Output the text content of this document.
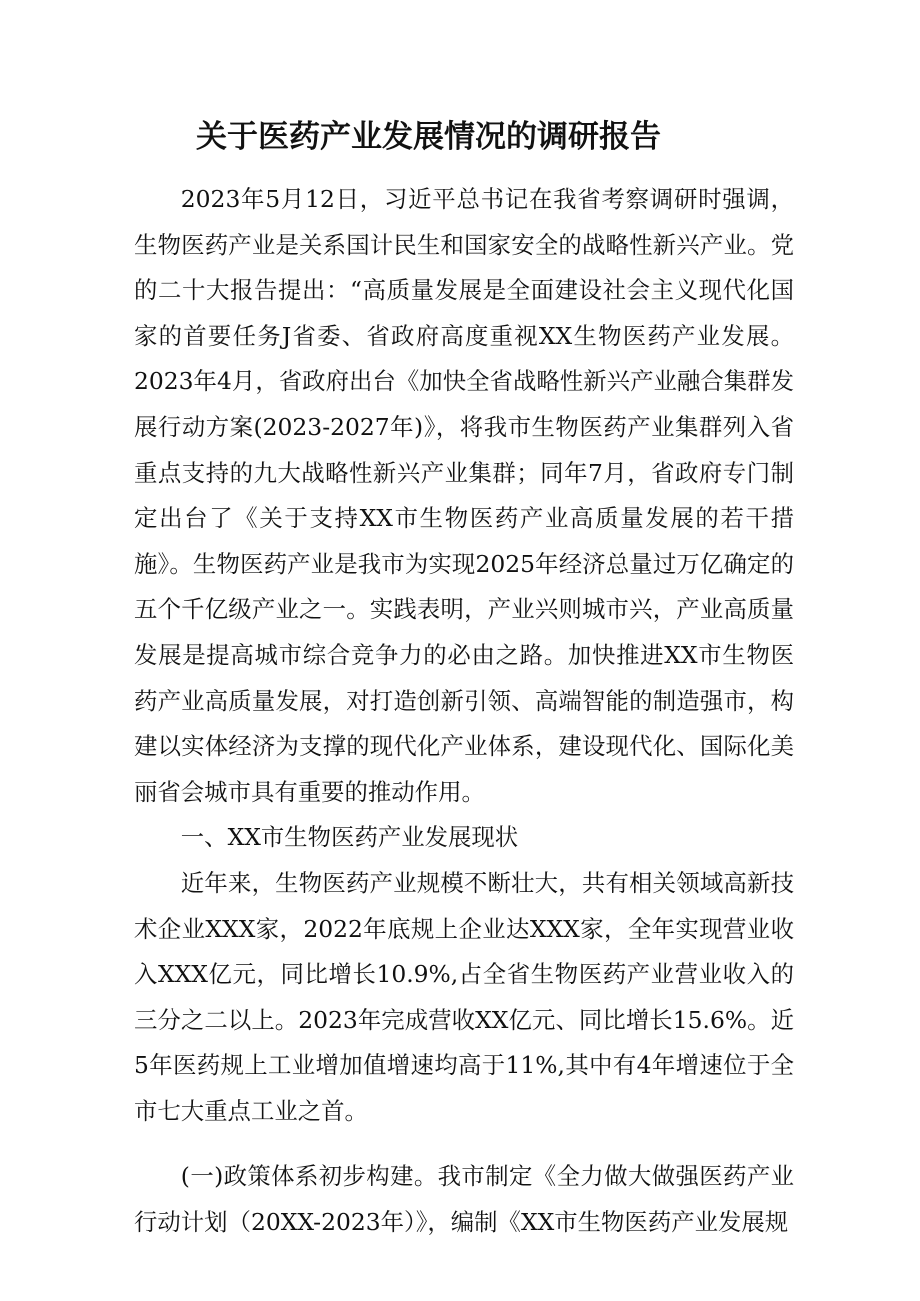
关于医药产业发展情况的调研报告

2023年5月12日，习近平总书记在我省考察调研时强调，生物医药产业是关系国计民生和国家安全的战略性新兴产业。党的二十大报告提出：“高质量发展是全面建设社会主义现代化国家的首要任务J省委、省政府高度重视XX生物医药产业发展。2023年4月，省政府出台《加快全省战略性新兴产业融合集群发展行动方案(2023-2027年)》，将我市生物医药产业集群列入省重点支持的九大战略性新兴产业集群；同年7月，省政府专门制定出台了《关于支持XX市生物医药产业高质量发展的若干措施》。生物医药产业是我市为实现2025年经济总量过万亿确定的五个千亿级产业之一。实践表明，产业兴则城市兴，产业高质量发展是提高城市综合竞争力的必由之路。加快推进XX市生物医药产业高质量发展，对打造创新引领、高端智能的制造强市，构建以实体经济为支撑的现代化产业体系，建设现代化、国际化美丽省会城市具有重要的推动作用。

一、XX市生物医药产业发展现状

近年来，生物医药产业规模不断壮大，共有相关领域高新技术企业XXX家，2022年底规上企业达XXX家，全年实现营业收入XXX亿元，同比增长10.9%,占全省生物医药产业营业收入的三分之二以上。2023年完成营收XX亿元、同比增长15.6%。近5年医药规上工业增加值增速均高于11%,其中有4年增速位于全市七大重点工业之首。

(一)政策体系初步构建。我市制定《全力做大做强医药产业行动计划（20XX-2023年）》，编制《XX市生物医药产业发展规
